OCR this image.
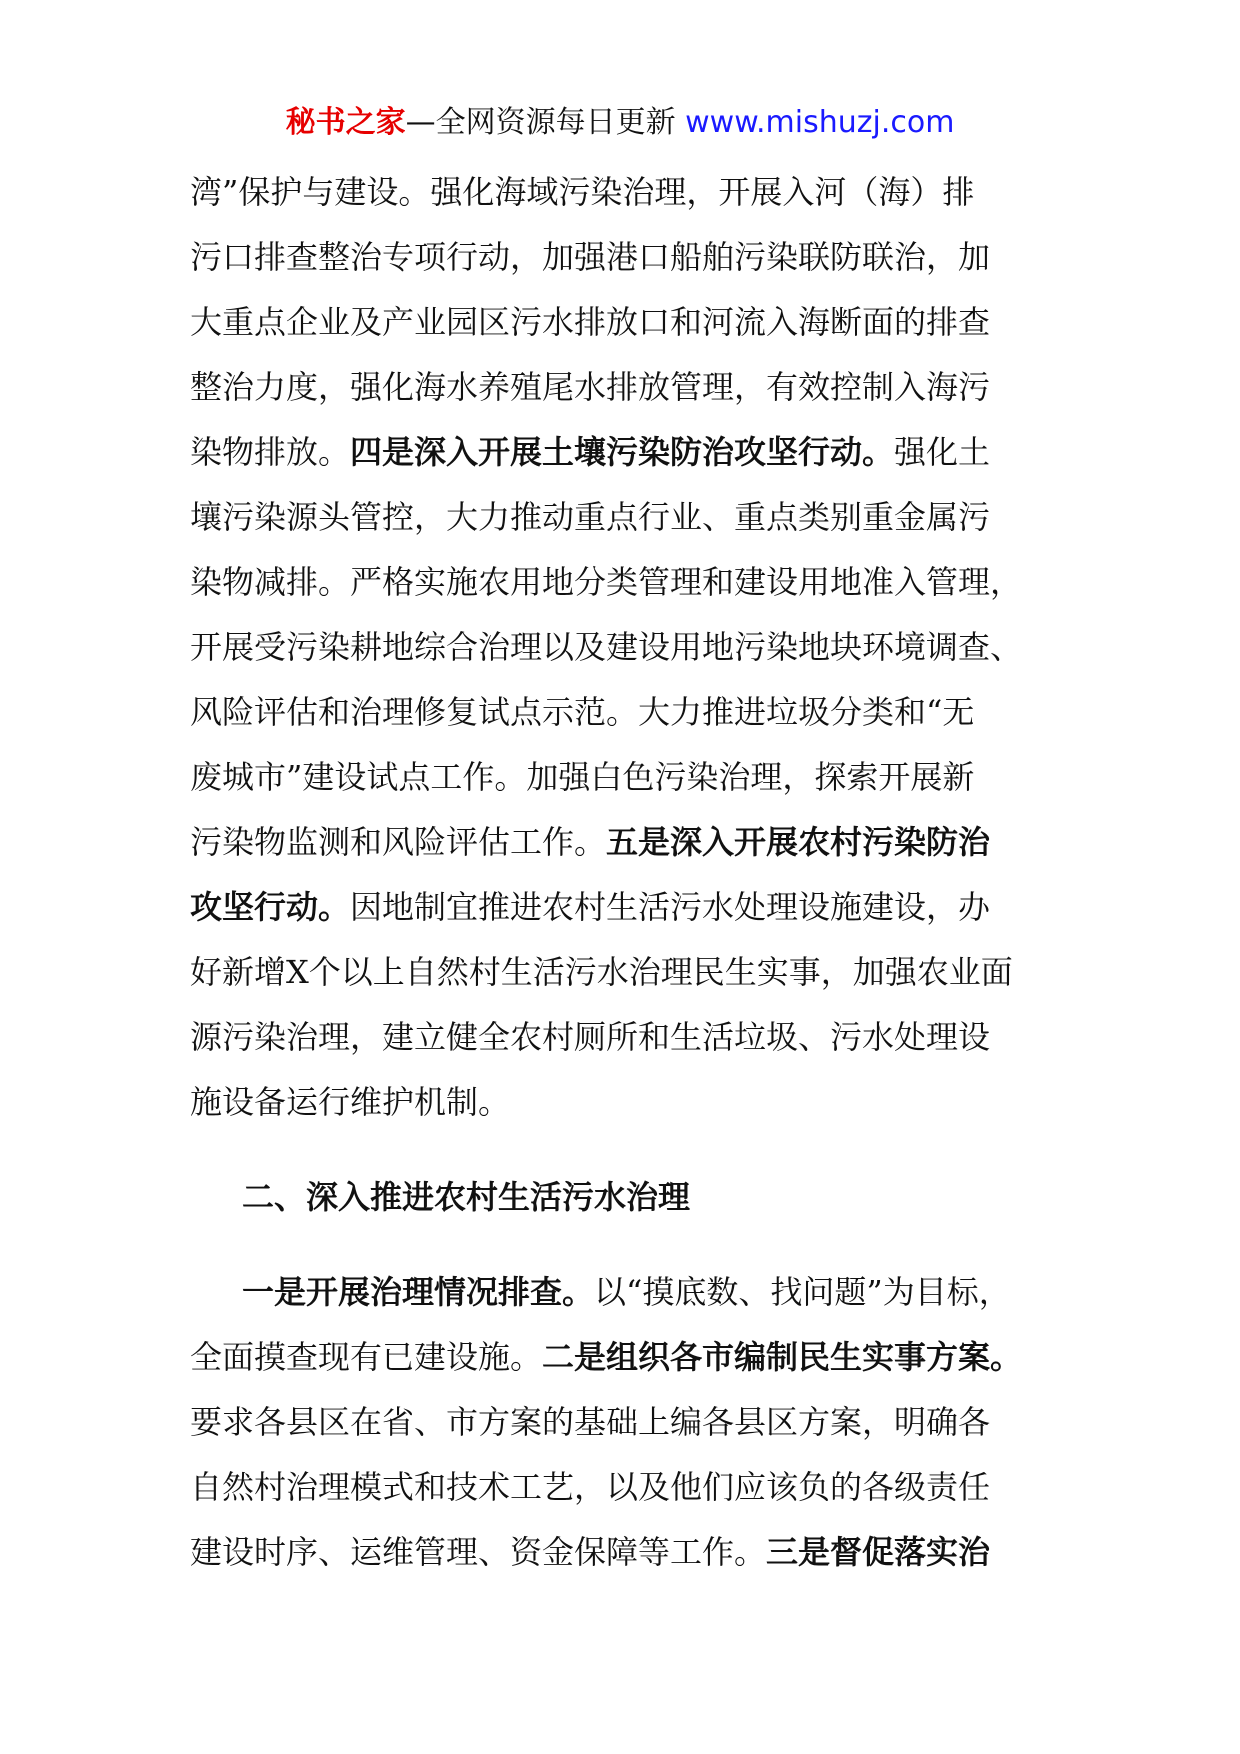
秘书之家—全网资源每日更新 www.mishuzj.com
湾”保护与建设。强化海域污染治理，开展入河（海）排
污口排查整治专项行动，加强港口船舶污染联防联治，加
大重点企业及产业园区污水排放口和河流入海断面的排查
整治力度，强化海水养殖尾水排放管理，有效控制入海污
染物排放。四是深入开展土壤污染防治攻坚行动。强化土
壤污染源头管控，大力推动重点行业、重点类别重金属污
染物减排。严格实施农用地分类管理和建设用地准入管理，
开展受污染耕地综合治理以及建设用地污染地块环境调查、
风险评估和治理修复试点示范。大力推进垃圾分类和“无
废城市”建设试点工作。加强白色污染治理，探索开展新
污染物监测和风险评估工作。五是深入开展农村污染防治
攻坚行动。因地制宜推进农村生活污水处理设施建设，办
好新增X个以上自然村生活污水治理民生实事，加强农业面
源污染治理，建立健全农村厕所和生活垃圾、污水处理设
施设备运行维护机制。
二、深入推进农村生活污水治理
一是开展治理情况排查。以“摸底数、找问题”为目标，
全面摸查现有已建设施。二是组织各市编制民生实事方案。
要求各县区在省、市方案的基础上编各县区方案，明确各
自然村治理模式和技术工艺，以及他们应该负的各级责任
建设时序、运维管理、资金保障等工作。三是督促落实治
